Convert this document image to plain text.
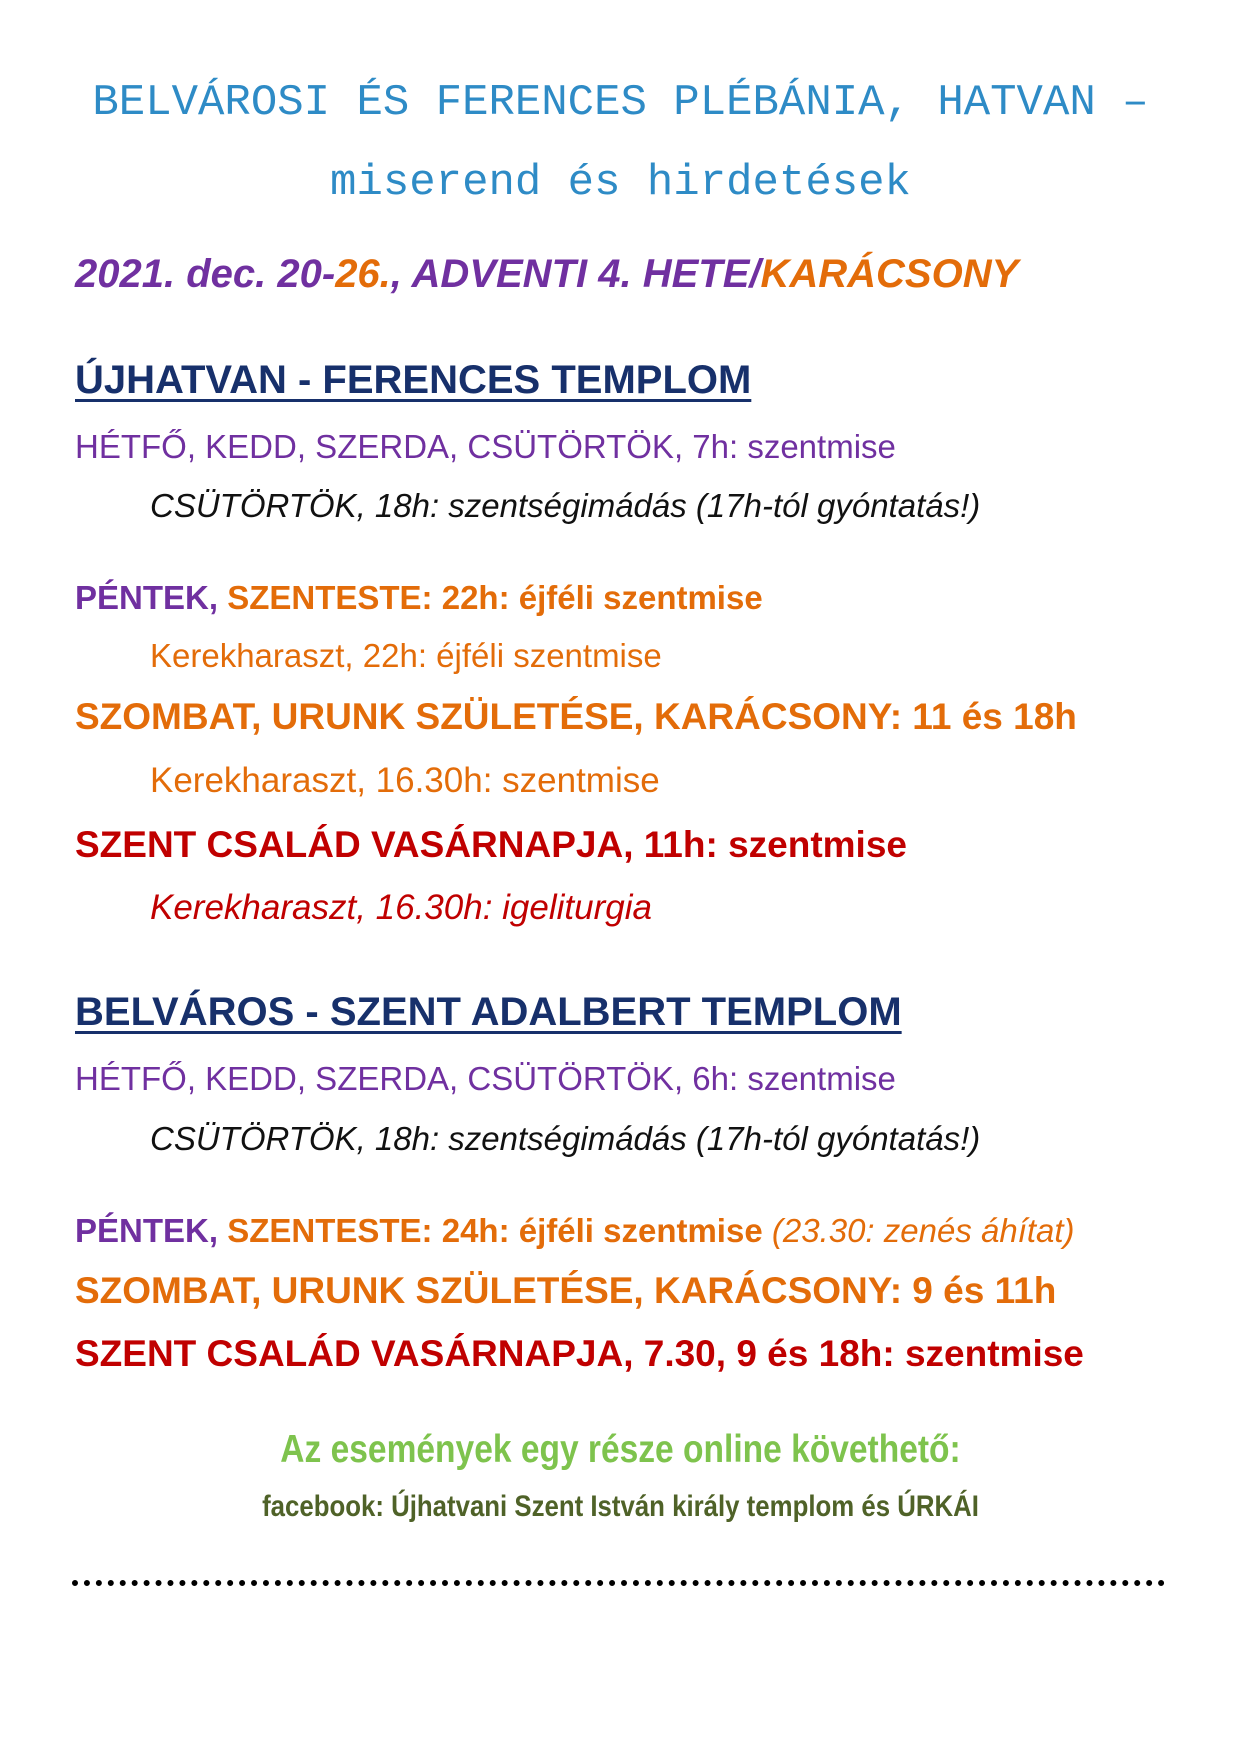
BELVÁROSI ÉS FERENCES PLÉBÁNIA, HATVAN –
miserend és hirdetések
2021. dec. 20-26., ADVENTI 4. HETE/KARÁCSONY
ÚJHATVAN - FERENCES TEMPLOM
HÉTFŐ, KEDD, SZERDA, CSÜTÖRTÖK, 7h: szentmise
CSÜTÖRTÖK, 18h: szentségimádás (17h-tól gyóntatás!)
PÉNTEK, SZENTESTE: 22h: éjféli szentmise
Kerekharaszt, 22h: éjféli szentmise
SZOMBAT, URUNK SZÜLETÉSE, KARÁCSONY: 11 és 18h
Kerekharaszt, 16.30h: szentmise
SZENT CSALÁD VASÁRNAPJA, 11h: szentmise
Kerekharaszt, 16.30h: igeliturgia
BELVÁROS - SZENT ADALBERT TEMPLOM
HÉTFŐ, KEDD, SZERDA, CSÜTÖRTÖK, 6h: szentmise
CSÜTÖRTÖK, 18h: szentségimádás (17h-tól gyóntatás!)
PÉNTEK, SZENTESTE: 24h: éjféli szentmise (23.30: zenés áhítat)
SZOMBAT, URUNK SZÜLETÉSE, KARÁCSONY: 9 és 11h
SZENT CSALÁD VASÁRNAPJA, 7.30, 9 és 18h: szentmise
Az események egy része online követhető:
facebook: Újhatvani Szent István király templom és ÚRKÁI
